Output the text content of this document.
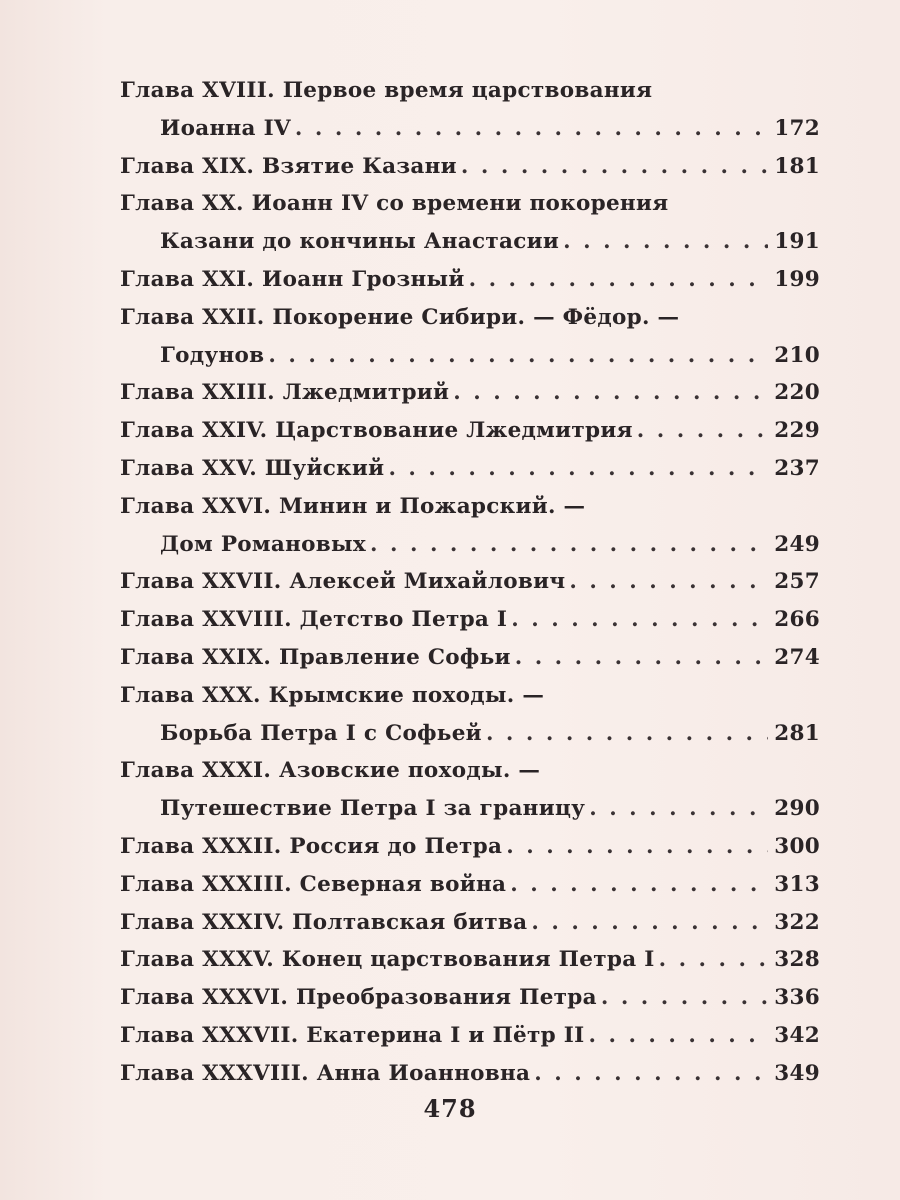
Глава XVIII. Первое время царствования
Иоанна IV . . .	172
Глава XIX. Взятие Казани . . .	181
Глава XX. Иоанн IV со времени покорения
Казани до кончины Анастасии . . .	191
Глава XXI. Иоанн Грозный . . .	199
Глава XXII. Покорение Сибири. — Фёдор. —
Годунов . . .	210
Глава XXIII. Лжедмитрий . . .	220
Глава XXIV. Царствование Лжедмитрия . . .	229
Глава XXV. Шуйский . . .	237
Глава XXVI. Минин и Пожарский. —
Дом Романовых . . .	249
Глава XXVII. Алексей Михайлович . . .	257
Глава XXVIII. Детство Петра I . . .	266
Глава XXIX. Правление Софьи . . .	274
Глава XXX. Крымские походы. —
Борьба Петра I с Софьей . . .	281
Глава XXXI. Азовские походы. —
Путешествие Петра I за границу . . .	290
Глава XXXII. Россия до Петра . . .	300
Глава XXXIII. Северная война . . .	313
Глава XXXIV. Полтавская битва . . .	322
Глава XXXV. Конец царствования Петра I . . .	328
Глава XXXVI. Преобразования Петра . . .	336
Глава XXXVII. Екатерина I и Пётр II . . .	342
Глава XXXVIII. Анна Иоанновна . . .	349
478
